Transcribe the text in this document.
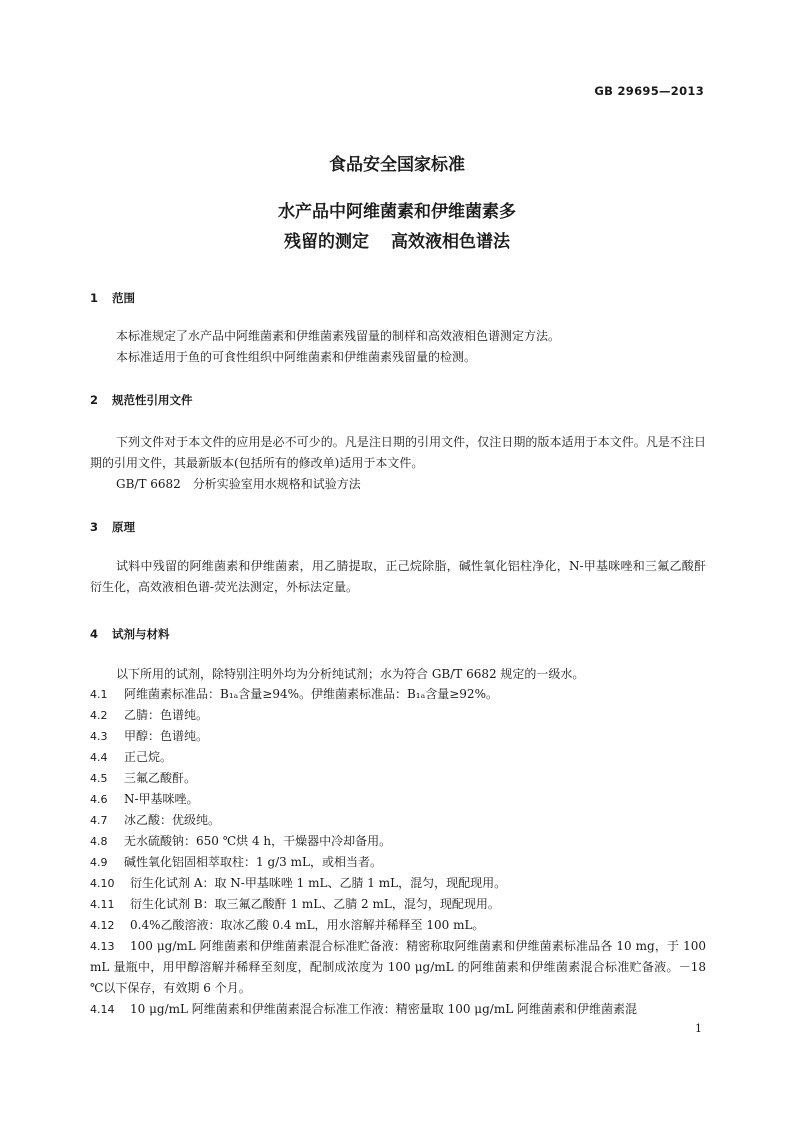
GB 29695—2013
食品安全国家标准
水产品中阿维菌素和伊维菌素多
残留的测定 高效液相色谱法
1 范围
本标准规定了水产品中阿维菌素和伊维菌素残留量的制样和高效液相色谱测定方法。
本标准适用于鱼的可食性组织中阿维菌素和伊维菌素残留量的检测。
2 规范性引用文件
下列文件对于本文件的应用是必不可少的。凡是注日期的引用文件，仅注日期的版本适用于本文件。凡是不注日期的引用文件，其最新版本(包括所有的修改单)适用于本文件。
GB/T 6682　分析实验室用水规格和试验方法
3 原理
试料中残留的阿维菌素和伊维菌素，用乙腈提取，正己烷除脂，碱性氧化铝柱净化，N-甲基咪唑和三氟乙酸酐衍生化，高效液相色谱-荧光法测定，外标法定量。
4 试剂与材料
以下所用的试剂，除特别注明外均为分析纯试剂；水为符合 GB/T 6682 规定的一级水。
4.1 阿维菌素标准品：B₁ₐ含量≥94%。伊维菌素标准品：B₁ₐ含量≥92%。
4.2 乙腈：色谱纯。
4.3 甲醇：色谱纯。
4.4 正己烷。
4.5 三氟乙酸酐。
4.6 N-甲基咪唑。
4.7 冰乙酸：优级纯。
4.8 无水硫酸钠：650 ℃烘 4 h，干燥器中冷却备用。
4.9 碱性氧化铝固相萃取柱：1 g/3 mL，或相当者。
4.10 衍生化试剂 A：取 N-甲基咪唑 1 mL、乙腈 1 mL，混匀，现配现用。
4.11 衍生化试剂 B：取三氟乙酸酐 1 mL、乙腈 2 mL，混匀，现配现用。
4.12 0.4%乙酸溶液：取冰乙酸 0.4 mL，用水溶解并稀释至 100 mL。
4.13 100 μg/mL 阿维菌素和伊维菌素混合标准贮备液：精密称取阿维菌素和伊维菌素标准品各 10 mg，于 100 mL 量瓶中，用甲醇溶解并稀释至刻度，配制成浓度为 100 μg/mL 的阿维菌素和伊维菌素混合标准贮备液。－18 ℃以下保存，有效期 6 个月。
4.14 10 μg/mL 阿维菌素和伊维菌素混合标准工作液：精密量取 100 μg/mL 阿维菌素和伊维菌素混
1
